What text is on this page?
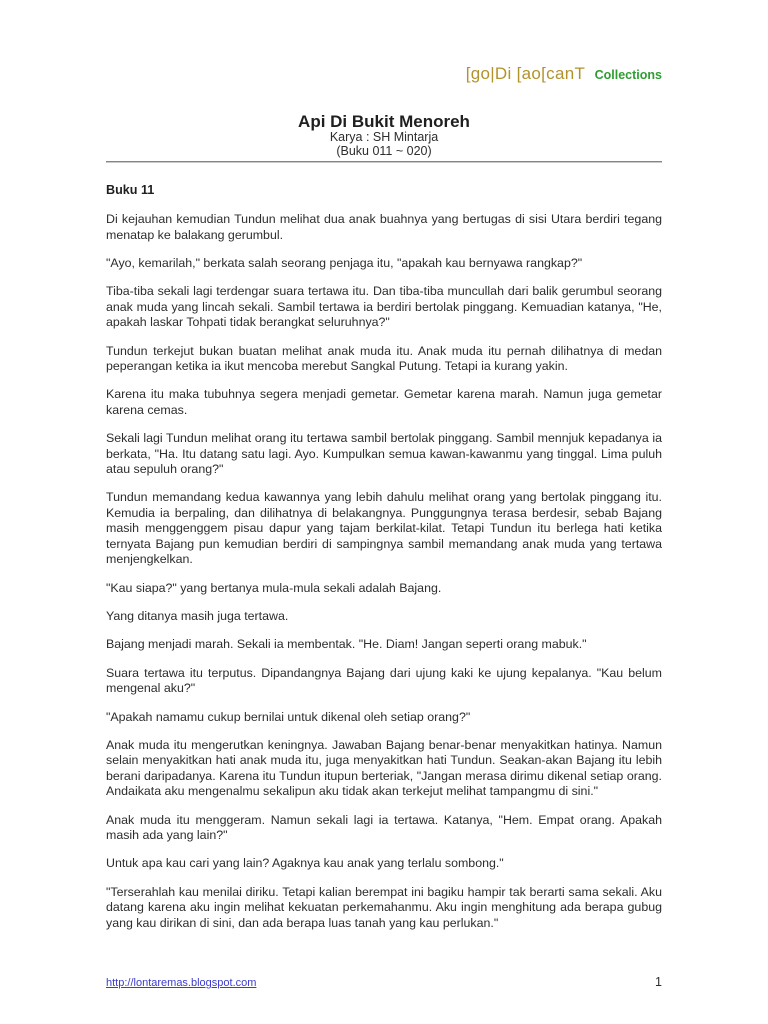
[go|Di [ao[canT Collections
Api Di Bukit Menoreh
Karya : SH Mintarja
(Buku 011 ~ 020)
Buku 11

Di kejauhan kemudian Tundun melihat dua anak buahnya yang bertugas di sisi Utara berdiri tegang menatap ke balakang gerumbul.

"Ayo, kemarilah," berkata salah seorang penjaga itu, "apakah kau bernyawa rangkap?"

Tiba-tiba sekali lagi terdengar suara tertawa itu. Dan tiba-tiba muncullah dari balik gerumbul seorang anak muda yang lincah sekali. Sambil tertawa ia berdiri bertolak pinggang. Kemuadian katanya, "He, apakah laskar Tohpati tidak berangkat seluruhnya?"

Tundun terkejut bukan buatan melihat anak muda itu. Anak muda itu pernah dilihatnya di medan peperangan ketika ia ikut mencoba merebut Sangkal Putung. Tetapi ia kurang yakin.

Karena itu maka tubuhnya segera menjadi gemetar. Gemetar karena marah. Namun juga gemetar karena cemas.

Sekali lagi Tundun melihat orang itu tertawa sambil bertolak pinggang. Sambil mennjuk kepadanya ia berkata, "Ha. Itu datang satu lagi. Ayo. Kumpulkan semua kawan-kawanmu yang tinggal. Lima puluh atau sepuluh orang?"

Tundun memandang kedua kawannya yang lebih dahulu melihat orang yang bertolak pinggang itu. Kemudia ia berpaling, dan dilihatnya di belakangnya. Punggungnya terasa berdesir, sebab Bajang masih menggenggem pisau dapur yang tajam berkilat-kilat. Tetapi Tundun itu berlega hati ketika ternyata Bajang pun kemudian berdiri di sampingnya sambil memandang anak muda yang tertawa menjengkelkan.

"Kau siapa?" yang bertanya mula-mula sekali adalah Bajang.

Yang ditanya masih juga tertawa.

Bajang menjadi marah. Sekali ia membentak. "He. Diam! Jangan seperti orang mabuk."

Suara tertawa itu terputus. Dipandangnya Bajang dari ujung kaki ke ujung kepalanya. "Kau belum mengenal aku?"

"Apakah namamu cukup bernilai untuk dikenal oleh setiap orang?"

Anak muda itu mengerutkan keningnya. Jawaban Bajang benar-benar menyakitkan hatinya. Namun selain menyakitkan hati anak muda itu, juga menyakitkan hati Tundun. Seakan-akan Bajang itu lebih berani daripadanya. Karena itu Tundun itupun berteriak, "Jangan merasa dirimu dikenal setiap orang. Andaikata aku mengenalmu sekalipun aku tidak akan terkejut melihat tampangmu di sini."

Anak muda itu menggeram. Namun sekali lagi ia tertawa. Katanya, "Hem. Empat orang. Apakah masih ada yang lain?"

Untuk apa kau cari yang lain? Agaknya kau anak yang terlalu sombong."

"Terserahlah kau menilai diriku. Tetapi kalian berempat ini bagiku hampir tak berarti sama sekali. Aku datang karena aku ingin melihat kekuatan perkemahanmu. Aku ingin menghitung ada berapa gubug yang kau dirikan di sini, dan ada berapa luas tanah yang kau perlukan."

http://lontaremas.blogspot.com	1
